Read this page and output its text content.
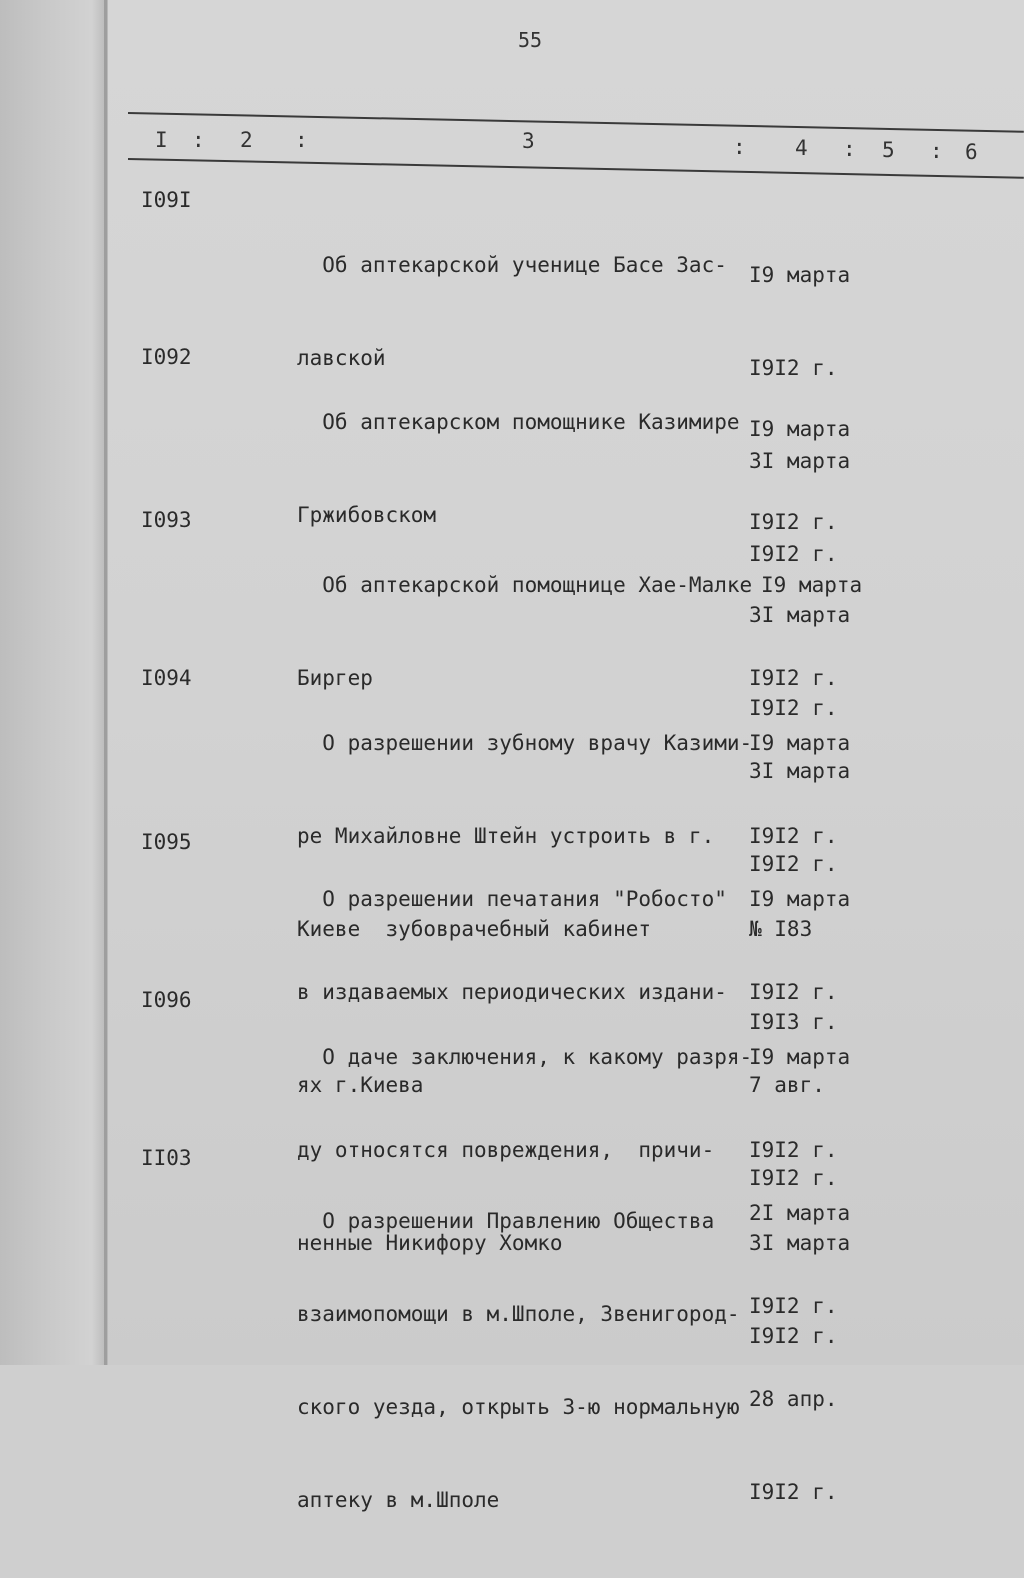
55
I : 2 :	3	: 4 : 5 : 6
I09I

Об аптекарской ученице Басе Зас-

лавской

I9 марта

I9I2 г.

3I марта

I9I2 г.

I092

Об аптекарском помощнике Казимире

Гржибовском

I9 марта

I9I2 г.

3I марта

I9I2 г.

I093

Об аптекарской помощнице Хае-Малке

Биргер

I9 марта

I9I2 г.

3I марта

I9I2 г.

I094

О разрешении зубному врачу Казими-

ре Михайловне Штейн устроить в г.

Киеве  зубоврачебный кабинет

I9 марта

I9I2 г.

№ I83

I9I3 г.

I095

О разрешении печатания "Робосто"

в издаваемых периодических издани-

ях г.Киева

I9 марта

I9I2 г.

7 авг.

I9I2 г.

I096

О даче заключения, к какому разря-

ду относятся повреждения,  причи-

ненные Никифору Хомко

I9 марта

I9I2 г.

3I марта

I9I2 г.

II03

О разрешении Правлению Общества

взаимопомощи в м.Шполе, Звенигород-

ского уезда, открыть 3-ю нормальную

аптеку в м.Шполе

2I марта

I9I2 г.

28 апр.

I9I2 г.
